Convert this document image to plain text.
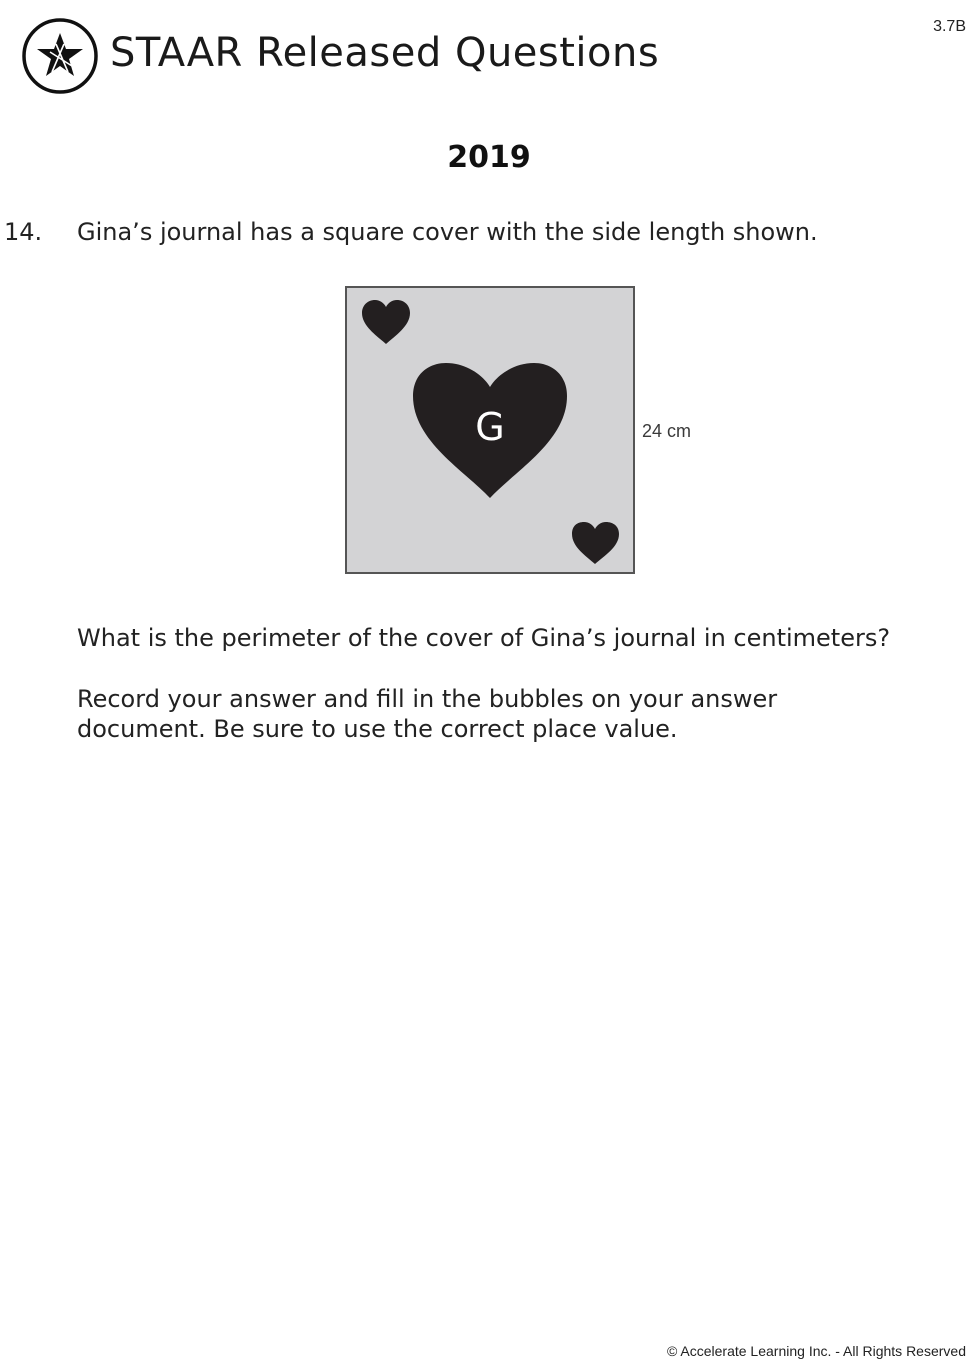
STAAR Released Questions
3.7B
2019
14. Gina’s journal has a square cover with the side length shown.
G	24 cm
What is the perimeter of the cover of Gina’s journal in centimeters?
Record your answer and fill in the bubbles on your answer document. Be sure to use the correct place value.
© Accelerate Learning Inc. - All Rights Reserved
